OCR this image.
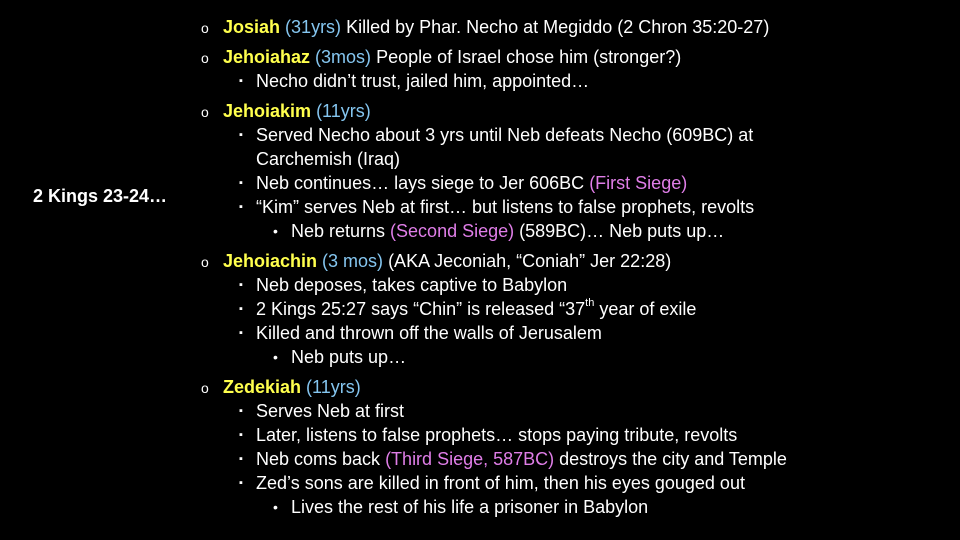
2 Kings 23-24…
o Josiah (31yrs) Killed by Phar. Necho at Megiddo (2 Chron 35:20-27)
o Jehoiahaz (3mos) People of Israel chose him (stronger?)
▪ Necho didn’t trust, jailed him, appointed…
o Jehoiakim (11yrs)
▪ Served Necho about 3 yrs until Neb defeats Necho (609BC) at
Carchemish (Iraq)
▪ Neb continues… lays siege to Jer 606BC (First Siege)
▪ “Kim” serves Neb at first… but listens to false prophets, revolts
• Neb returns (Second Siege) (589BC)… Neb puts up…
o Jehoiachin (3 mos) (AKA Jeconiah, “Coniah” Jer 22:28)
▪ Neb deposes, takes captive to Babylon
▪ 2 Kings 25:27 says “Chin” is released “37th year of exile
▪ Killed and thrown off the walls of Jerusalem
• Neb puts up…
o Zedekiah (11yrs)
▪ Serves Neb at first
▪ Later, listens to false prophets… stops paying tribute, revolts
▪ Neb coms back (Third Siege, 587BC) destroys the city and Temple
▪ Zed’s sons are killed in front of him, then his eyes gouged out
• Lives the rest of his life a prisoner in Babylon
